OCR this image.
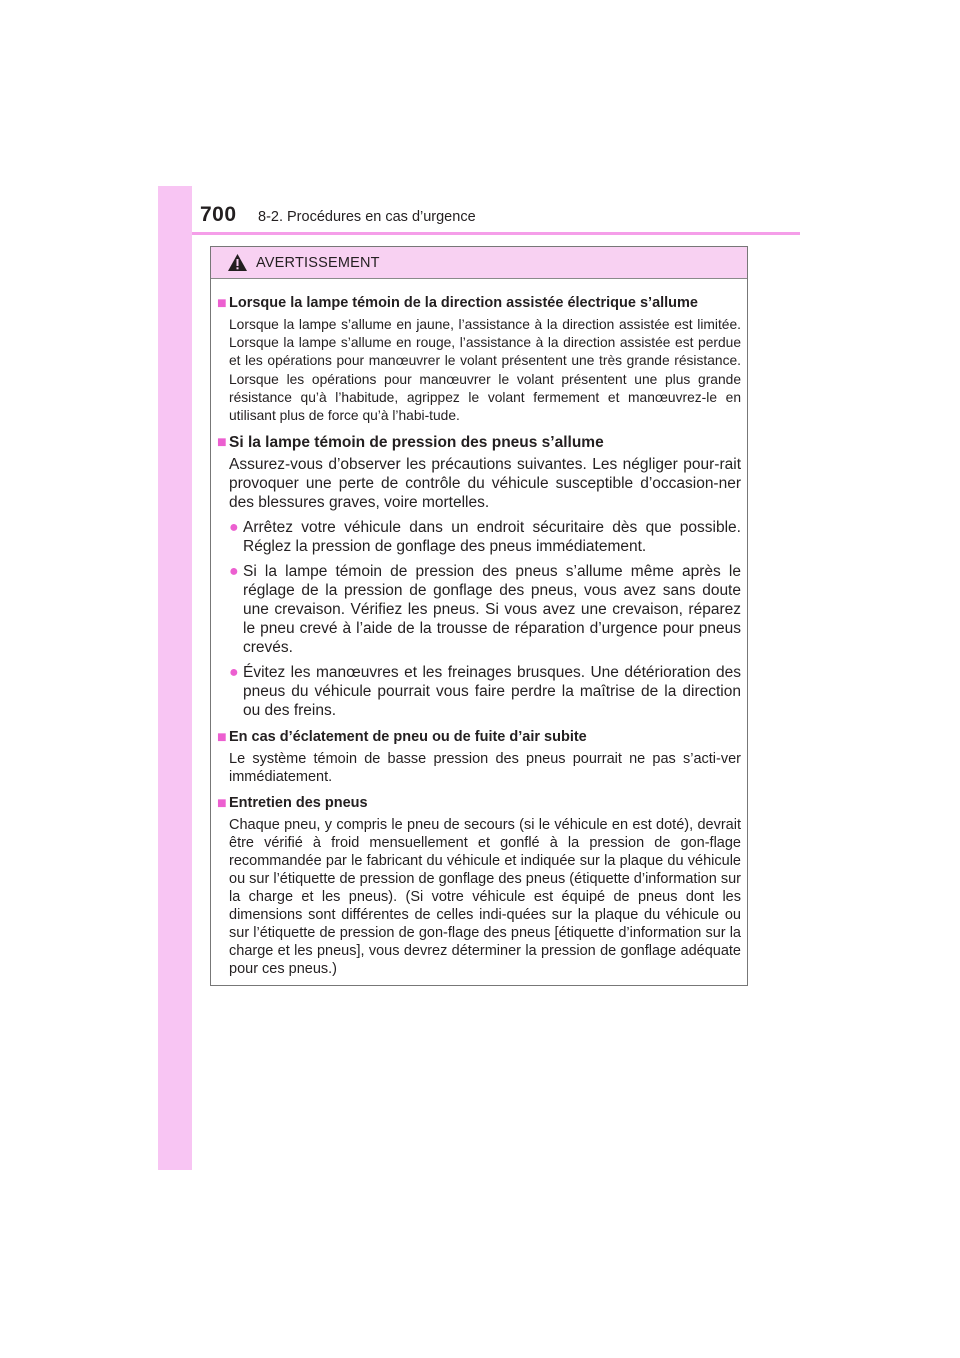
700 8-2. Procédures en cas d’urgence
AVERTISSEMENT
■ Lorsque la lampe témoin de la direction assistée électrique s’allume

Lorsque la lampe s’allume en jaune, l’assistance à la direction assistée est limitée. Lorsque la lampe s’allume en rouge, l’assistance à la direction assistée est perdue et les opérations pour manœuvrer le volant présentent une très grande résistance. Lorsque les opérations pour manœuvrer le volant présentent une plus grande résistance qu’à l’habitude, agrippez le volant fermement et manœuvrez-le en utilisant plus de force qu’à l’habi-tude.

■ Si la lampe témoin de pression des pneus s’allume

Assurez-vous d’observer les précautions suivantes. Les négliger pour-rait provoquer une perte de contrôle du véhicule susceptible d’occasion-ner des blessures graves, voire mortelles.

● Arrêtez votre véhicule dans un endroit sécuritaire dès que possible. Réglez la pression de gonflage des pneus immédiatement.
● Si la lampe témoin de pression des pneus s’allume même après le réglage de la pression de gonflage des pneus, vous avez sans doute une crevaison. Vérifiez les pneus. Si vous avez une crevaison, réparez le pneu crevé à l’aide de la trousse de réparation d’urgence pour pneus crevés.
● Évitez les manœuvres et les freinages brusques. Une détérioration des pneus du véhicule pourrait vous faire perdre la maîtrise de la direction ou des freins.
■ En cas d’éclatement de pneu ou de fuite d’air subite

Le système témoin de basse pression des pneus pourrait ne pas s’acti-ver immédiatement.

■ Entretien des pneus

Chaque pneu, y compris le pneu de secours (si le véhicule en est doté), devrait être vérifié à froid mensuellement et gonflé à la pression de gon-flage recommandée par le fabricant du véhicule et indiquée sur la plaque du véhicule ou sur l’étiquette de pression de gonflage des pneus (étiquette d’information sur la charge et les pneus). (Si votre véhicule est équipé de pneus dont les dimensions sont différentes de celles indi-quées sur la plaque du véhicule ou sur l’étiquette de pression de gon-flage des pneus [étiquette d’information sur la charge et les pneus], vous devrez déterminer la pression de gonflage adéquate pour ces pneus.)
